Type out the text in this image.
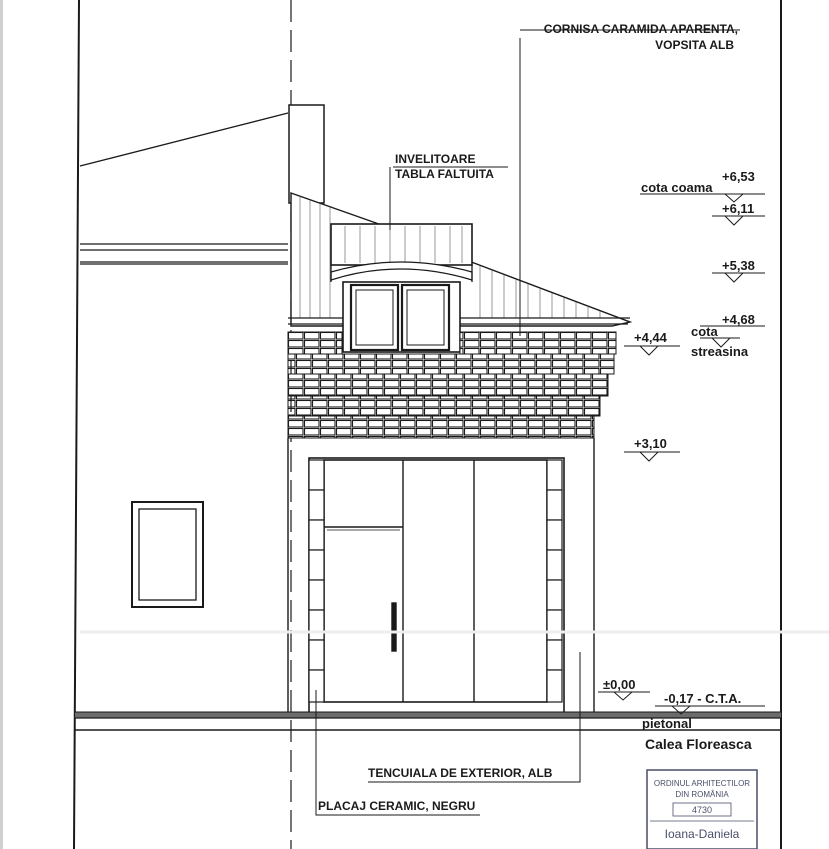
CORNISA CARAMIDA APARENTA,
VOPSITA ALB
INVELITOARE
TABLA FALTUITA	+6,53
cota coama
+6,11
+5,38
+4,68
cota
streasina
+4,44
+3,10
±0,00
-0,17 - C.T.A.
pietonal
Calea Floreasca
TENCUIALA DE EXTERIOR, ALB
PLACAJ CERAMIC, NEGRU
ORDINUL ARHITECTILOR
DIN ROMÂNIA
4730
Ioana-Daniela
